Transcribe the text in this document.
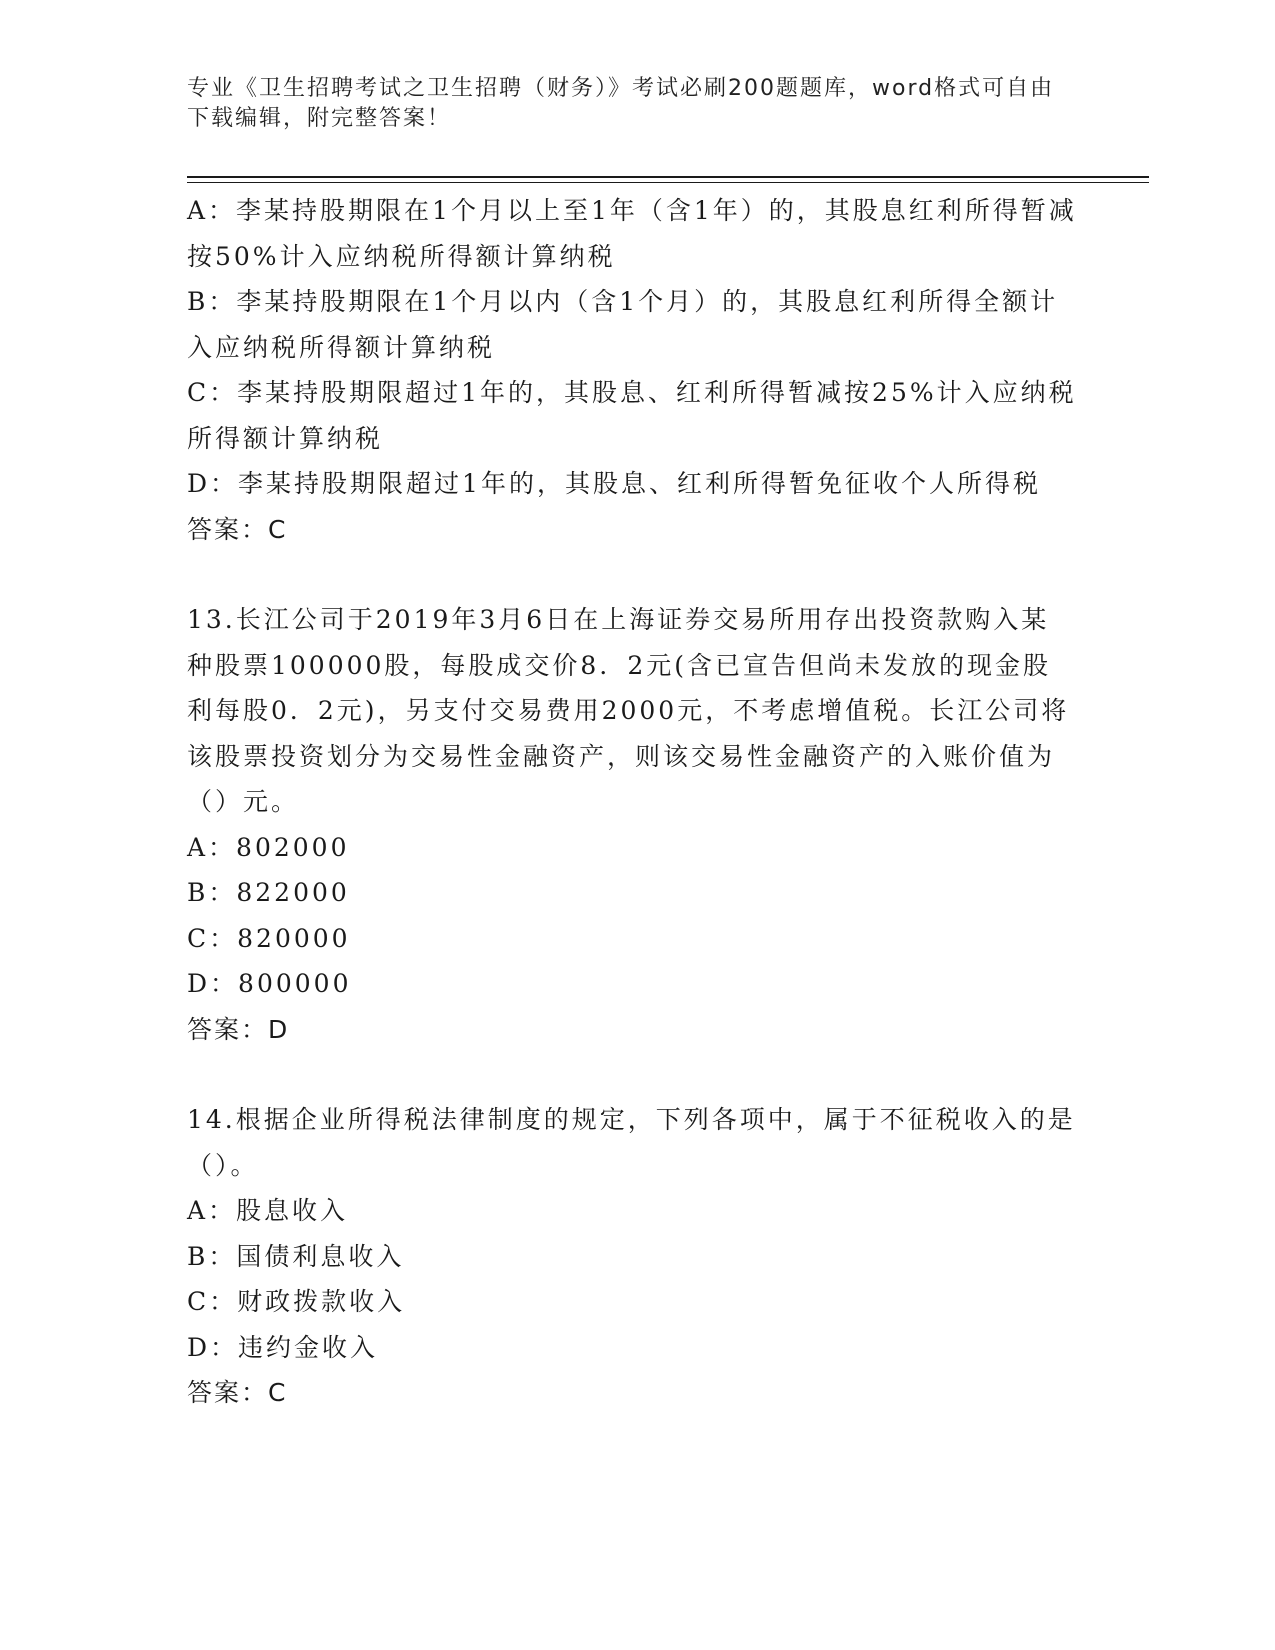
专业《卫生招聘考试之卫生招聘（财务）》考试必刷200题题库，word格式可自由下载编辑，附完整答案！
A：李某持股期限在1个月以上至1年（含1年）的，其股息红利所得暂减按50%计入应纳税所得额计算纳税
B：李某持股期限在1个月以内（含1个月）的，其股息红利所得全额计入应纳税所得额计算纳税
C：李某持股期限超过1年的，其股息、红利所得暂减按25%计入应纳税所得额计算纳税
D：李某持股期限超过1年的，其股息、红利所得暂免征收个人所得税
答案：C
13.长江公司于2019年3月6日在上海证券交易所用存出投资款购入某种股票100000股，每股成交价8．2元(含已宣告但尚未发放的现金股利每股0．2元)，另支付交易费用2000元，不考虑增值税。长江公司将该股票投资划分为交易性金融资产，则该交易性金融资产的入账价值为（）元。
A：802000
B：822000
C：820000
D：800000
答案：D
14.根据企业所得税法律制度的规定，下列各项中，属于不征税收入的是（）。
A：股息收入
B：国债利息收入
C：财政拨款收入
D：违约金收入
答案：C
